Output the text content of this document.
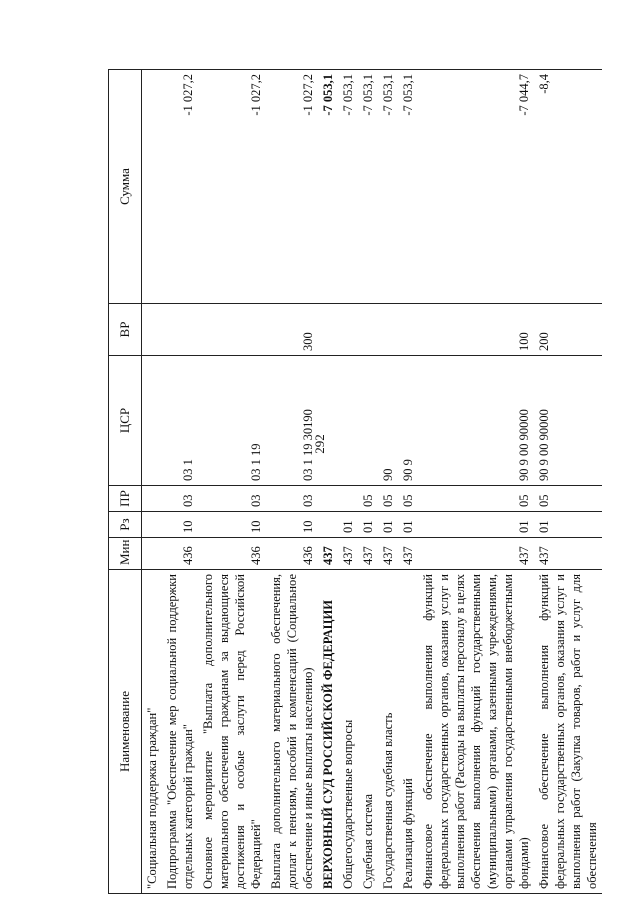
292
Наименование	Мин	Рз	ПР	ЦСР	ВР	Сумма
"Социальная поддержка граждан"						
Подпрограмма "Обеспечение мер социальной поддержки отдельных категорий граждан"	436	10	03	03 1		-1 027,2
Основное мероприятие "Выплата дополнительного материального обеспечения гражданам за выдающиеся достижения и особые заслуги перед Российской Федерацией"	436	10	03	03 1 19		-1 027,2
Выплата дополнительного материального обеспечения, доплат к пенсиям, пособий и компенсаций (Социальное обеспечение и иные выплаты населению)	436	10	03	03 1 19 30190	300	-1 027,2
ВЕРХОВНЫЙ СУД РОССИЙСКОЙ ФЕДЕРАЦИИ	437					-7 053,1
Общегосударственные вопросы	437	01				-7 053,1
Судебная система	437	01	05			-7 053,1
Государственная судебная власть	437	01	05	90		-7 053,1
Реализация функций	437	01	05	90 9		-7 053,1
Финансовое обеспечение выполнения функций федеральных государственных органов, оказания услуг и выполнения работ (Расходы на выплаты персоналу в целях обеспечения выполнения функций государственными (муниципальными) органами, казенными учреждениями, органами управления государственными внебюджетными фондами)	437	01	05	90 9 00 90000	100	-7 044,7
Финансовое обеспечение выполнения функций федеральных государственных органов, оказания услуг и выполнения работ (Закупка товаров, работ и услуг для обеспечения	437	01	05	90 9 00 90000	200	-8,4
